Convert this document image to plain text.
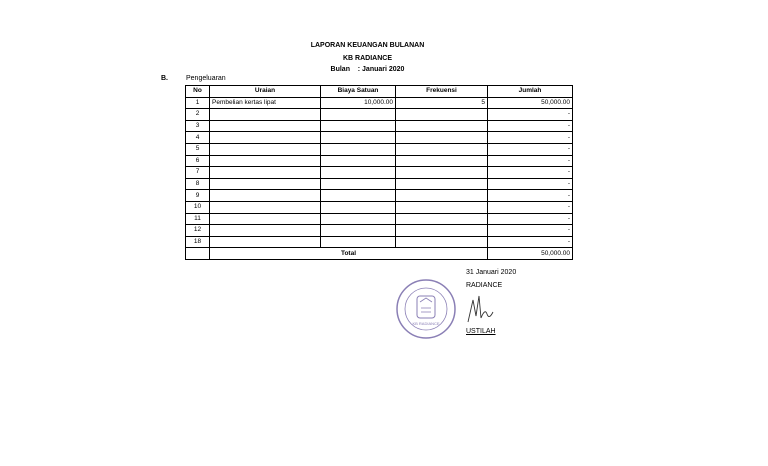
LAPORAN KEUANGAN BULANAN
KB RADIANCE
Bulan    : Januari 2020
B.	Pengeluaran
No	Uraian	Biaya Satuan	Frekuensi	Jumlah
1	Pembelian kertas lipat	10,000.00	5	50,000.00
2				-
3				-
4				-
5				-
6				-
7				-
8				-
9				-
10				-
11				-
12				-
18				-
	Total			50,000.00
KB RADIANCE
31 Januari 2020
RADIANCE
USTILAH
